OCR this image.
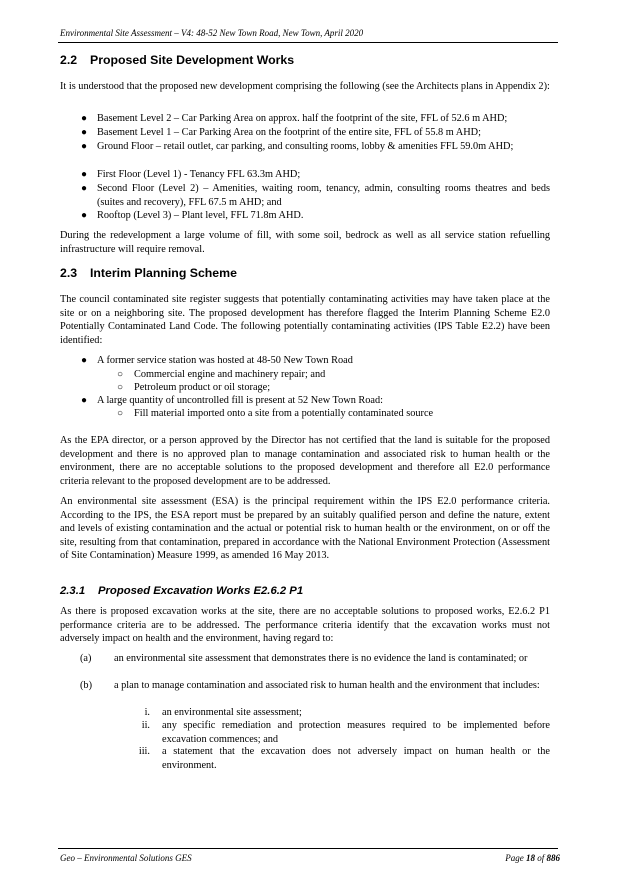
Environmental Site Assessment – V4: 48-52 New Town Road, New Town, April 2020
2.2 Proposed Site Development Works
It is understood that the proposed new development comprising the following (see the Architects plans in Appendix 2):
● Basement Level 2 – Car Parking Area on approx. half the footprint of the site, FFL of 52.6 m AHD;
● Basement Level 1 – Car Parking Area on the footprint of the entire site, FFL of 55.8 m AHD;
● Ground Floor – retail outlet, car parking, and consulting rooms, lobby & amenities FFL 59.0m AHD;
● First Floor (Level 1) - Tenancy FFL 63.3m AHD;
● Second Floor (Level 2) – Amenities, waiting room, tenancy, admin, consulting rooms theatres and beds (suites and recovery), FFL 67.5 m AHD; and
● Rooftop (Level 3) – Plant level, FFL 71.8m AHD.
During the redevelopment a large volume of fill, with some soil, bedrock as well as all service station refuelling infrastructure will require removal.
2.3 Interim Planning Scheme
The council contaminated site register suggests that potentially contaminating activities may have taken place at the site or on a neighboring site. The proposed development has therefore flagged the Interim Planning Scheme E2.0 Potentially Contaminated Land Code. The following potentially contaminating activities (IPS Table E2.2) have been identified:
● A former service station was hosted at 48-50 New Town Road
○ Commercial engine and machinery repair; and
○ Petroleum product or oil storage;
● A large quantity of uncontrolled fill is present at 52 New Town Road:
○ Fill material imported onto a site from a potentially contaminated source
As the EPA director, or a person approved by the Director has not certified that the land is suitable for the proposed development and there is no approved plan to manage contamination and associated risk to human health or the environment, there are no acceptable solutions to the proposed development and therefore all E2.0 performance criteria relevant to the proposed development are to be addressed.
An environmental site assessment (ESA) is the principal requirement within the IPS E2.0 performance criteria. According to the IPS, the ESA report must be prepared by an suitably qualified person and define the nature, extent and levels of existing contamination and the actual or potential risk to human health or the environment, on or off the site, resulting from that contamination, prepared in accordance with the National Environment Protection (Assessment of Site Contamination) Measure 1999, as amended 16 May 2013.
2.3.1 Proposed Excavation Works E2.6.2 P1
As there is proposed excavation works at the site, there are no acceptable solutions to proposed works, E2.6.2 P1 performance criteria are to be addressed. The performance criteria identify that the excavation works must not adversely impact on health and the environment, having regard to:
(a) an environmental site assessment that demonstrates there is no evidence the land is contaminated; or
(b) a plan to manage contamination and associated risk to human health and the environment that includes:
i. an environmental site assessment;
ii. any specific remediation and protection measures required to be implemented before excavation commences; and
iii. a statement that the excavation does not adversely impact on human health or the environment.
Geo – Environmental Solutions GES	Page 18 of 886
